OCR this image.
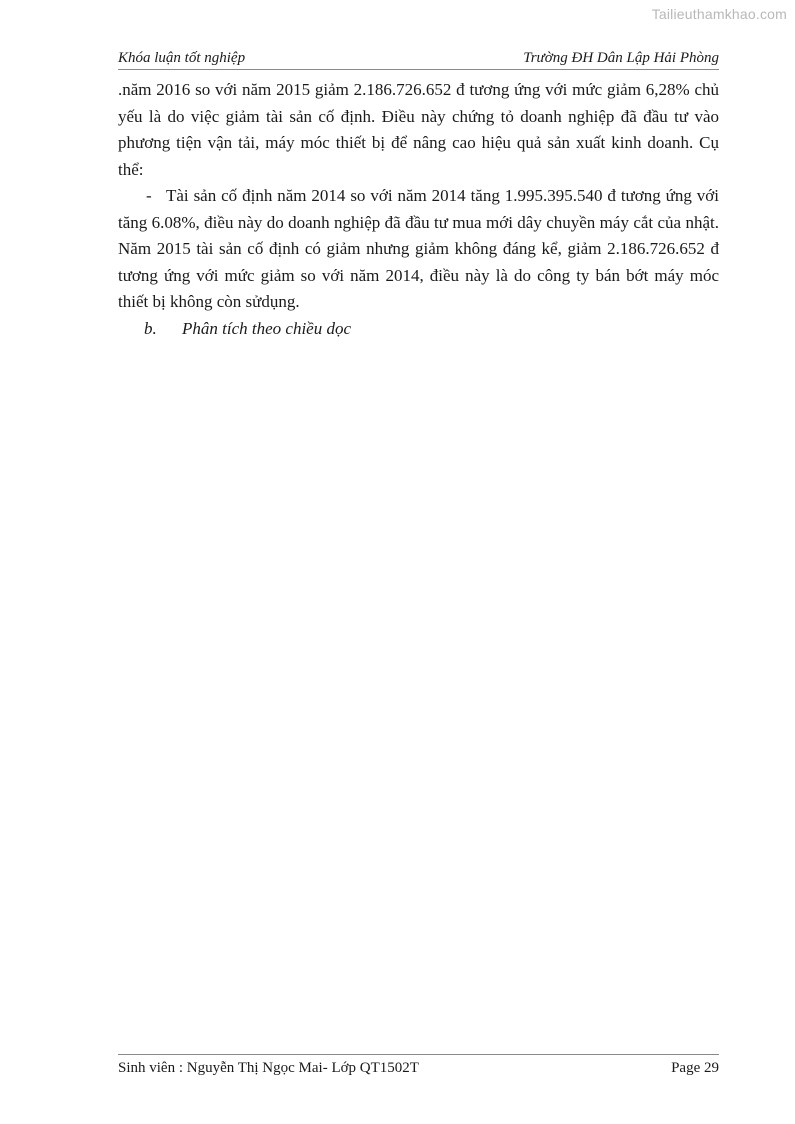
Tailieuthamkhao.com
Khóa luận tốt nghiệp	Trường ĐH Dân Lập Hải Phòng

.năm 2016 so với năm 2015 giảm 2.186.726.652 đ tương ứng với mức giảm 6,28% chủ yếu là do việc giảm tài sản cố định. Điều này chứng tỏ doanh nghiệp đã đầu tư vào phương tiện vận tải, máy móc thiết bị để nâng cao hiệu quả sản xuất kinh doanh. Cụ thể:

- Tài sản cố định năm 2014 so với năm 2014 tăng 1.995.395.540 đ tương ứng với tăng 6.08%, điều này do doanh nghiệp đã đầu tư mua mới dây chuyền máy cắt của nhật. Năm 2015 tài sản cố định có giảm nhưng giảm không đáng kể, giảm 2.186.726.652 đ tương ứng với mức giảm so với năm 2014, điều này là do công ty bán bớt máy móc thiết bị không còn sửdụng.

b. Phân tích theo chiều dọc

Sinh viên : Nguyễn Thị Ngọc Mai- Lớp QT1502T	Page 29
